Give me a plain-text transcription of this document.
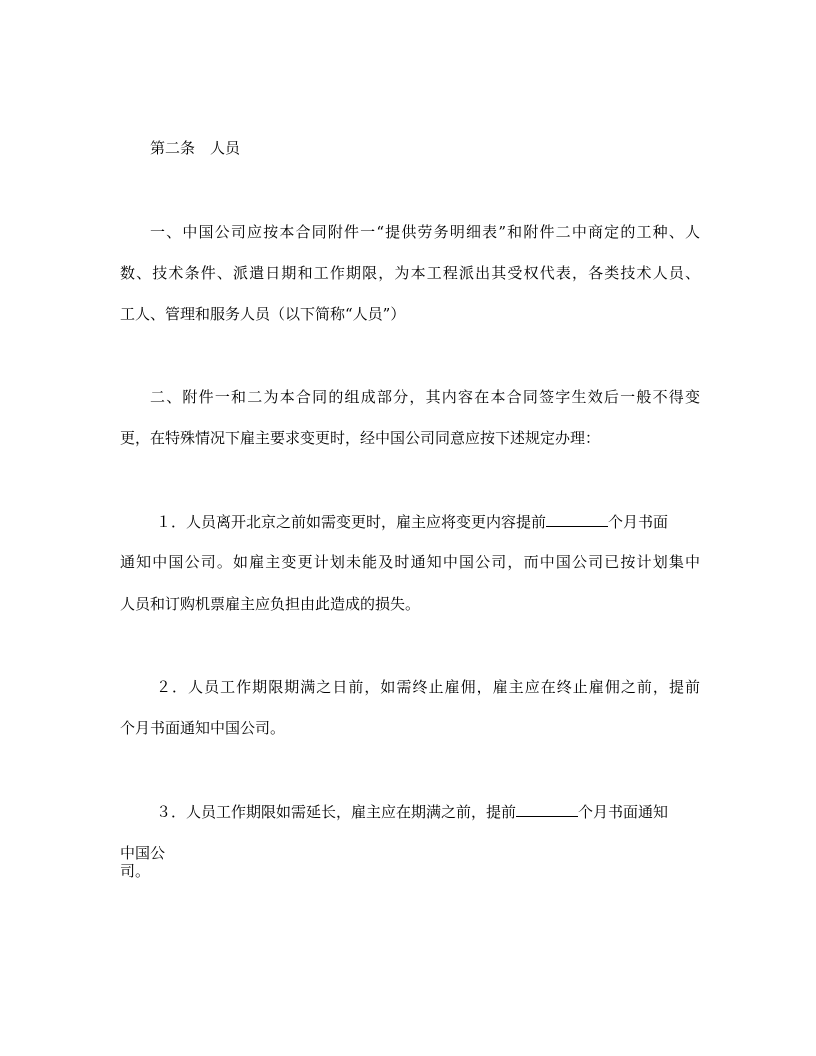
第二条　人员
一、中国公司应按本合同附件一“提供劳务明细表”和附件二中商定的工种、人
数、技术条件、派遣日期和工作期限，为本工程派出其受权代表，各类技术人员、
工人、管理和服务人员（以下简称“人员”）
二、附件一和二为本合同的组成部分，其内容在本合同签字生效后一般不得变
更，在特殊情况下雇主要求变更时，经中国公司同意应按下述规定办理：
１．人员离开北京之前如需变更时，雇主应将变更内容提前	个月书面
通知中国公司。如雇主变更计划未能及时通知中国公司，而中国公司已按计划集中
人员和订购机票雇主应负担由此造成的损失。
２．人员工作期限期满之日前，如需终止雇佣，雇主应在终止雇佣之前，提前
个月书面通知中国公司。
３．人员工作期限如需延长，雇主应在期满之前，提前	个月书面通知
中国公
司。
